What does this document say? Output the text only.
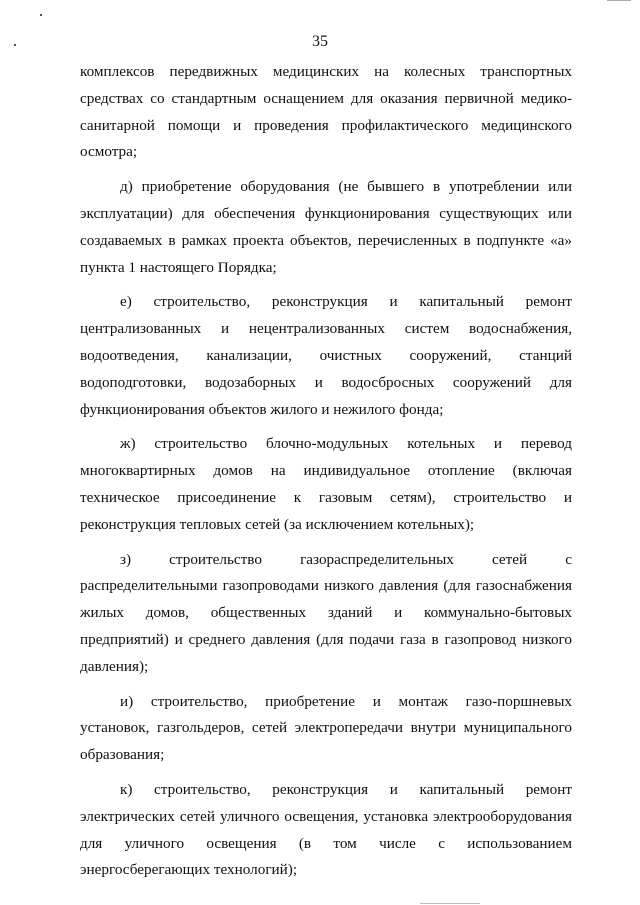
35

комплексов передвижных медицинских на колесных транспортных средствах со стандартным оснащением для оказания первичной медико-санитарной помощи и проведения профилактического медицинского осмотра;

д) приобретение оборудования (не бывшего в употреблении или эксплуатации) для обеспечения функционирования существующих или создаваемых в рамках проекта объектов, перечисленных в подпункте «а» пункта 1 настоящего Порядка;

е) строительство, реконструкция и капитальный ремонт централизованных и нецентрализованных систем водоснабжения, водоотведения, канализации, очистных сооружений, станций водоподготовки, водозаборных и водосбросных сооружений для функционирования объектов жилого и нежилого фонда;

ж) строительство блочно-модульных котельных и перевод многоквартирных домов на индивидуальное отопление (включая техническое присоединение к газовым сетям), строительство и реконструкция тепловых сетей (за исключением котельных);

з) строительство газораспределительных сетей с распределительными газопроводами низкого давления (для газоснабжения жилых домов, общественных зданий и коммунально-бытовых предприятий) и среднего давления (для подачи газа в газопровод низкого давления);

и) строительство, приобретение и монтаж газо-поршневых установок, газгольдеров, сетей электропередачи внутри муниципального образования;

к) строительство, реконструкция и капитальный ремонт электрических сетей уличного освещения, установка электрооборудования для уличного освещения (в том числе с использованием энергосберегающих технологий);
